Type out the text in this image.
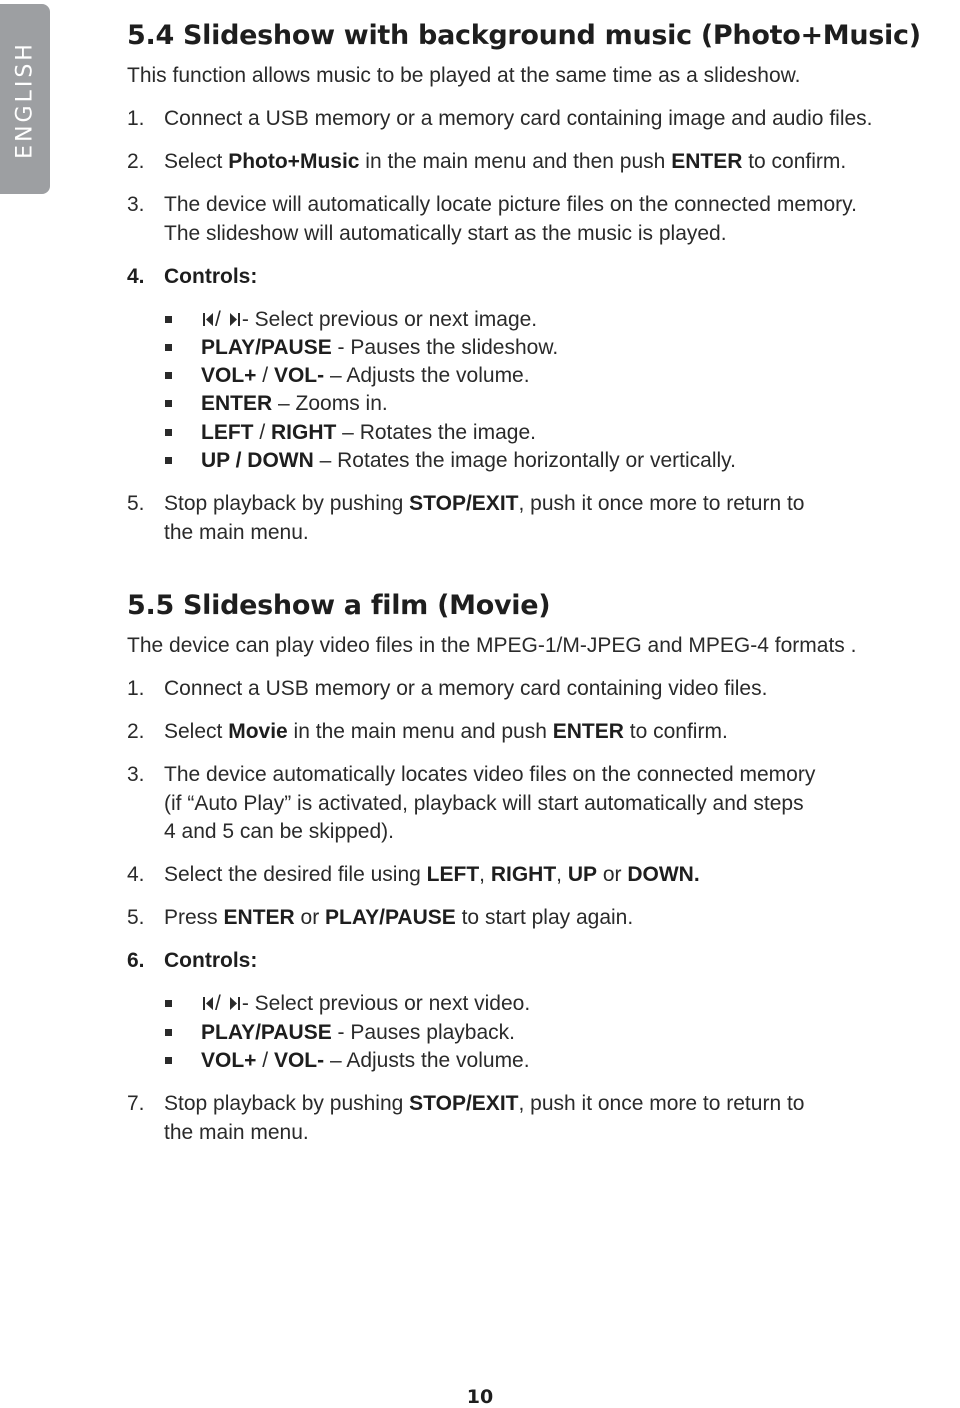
ENGLISH
5.4 Slideshow with background music (Photo+Music)
This function allows music to be played at the same time as a slideshow.
1. Connect a USB memory or a memory card containing image and audio files.
2. Select Photo+Music in the main menu and then push ENTER to confirm.
3. The device will automatically locate picture files on the connected memory.
The slideshow will automatically start as the music is played.
4. Controls:
/ - Select previous or next image.
PLAY/PAUSE - Pauses the slideshow.
VOL+ / VOL- – Adjusts the volume.
ENTER – Zooms in.
LEFT / RIGHT – Rotates the image.
UP / DOWN – Rotates the image horizontally or vertically.
5. Stop playback by pushing STOP/EXIT, push it once more to return to
the main menu.
5.5 Slideshow a film (Movie)
The device can play video files in the MPEG-1/M-JPEG and MPEG-4 formats .
1. Connect a USB memory or a memory card containing video files.
2. Select Movie in the main menu and push ENTER to confirm.
3. The device automatically locates video files on the connected memory
(if “Auto Play” is activated, playback will start automatically and steps
4 and 5 can be skipped).
4. Select the desired file using LEFT, RIGHT, UP or DOWN.
5. Press ENTER or PLAY/PAUSE to start play again.
6. Controls:
/ - Select previous or next video.
PLAY/PAUSE - Pauses playback.
VOL+ / VOL- – Adjusts the volume.
7. Stop playback by pushing STOP/EXIT, push it once more to return to
the main menu.
10
